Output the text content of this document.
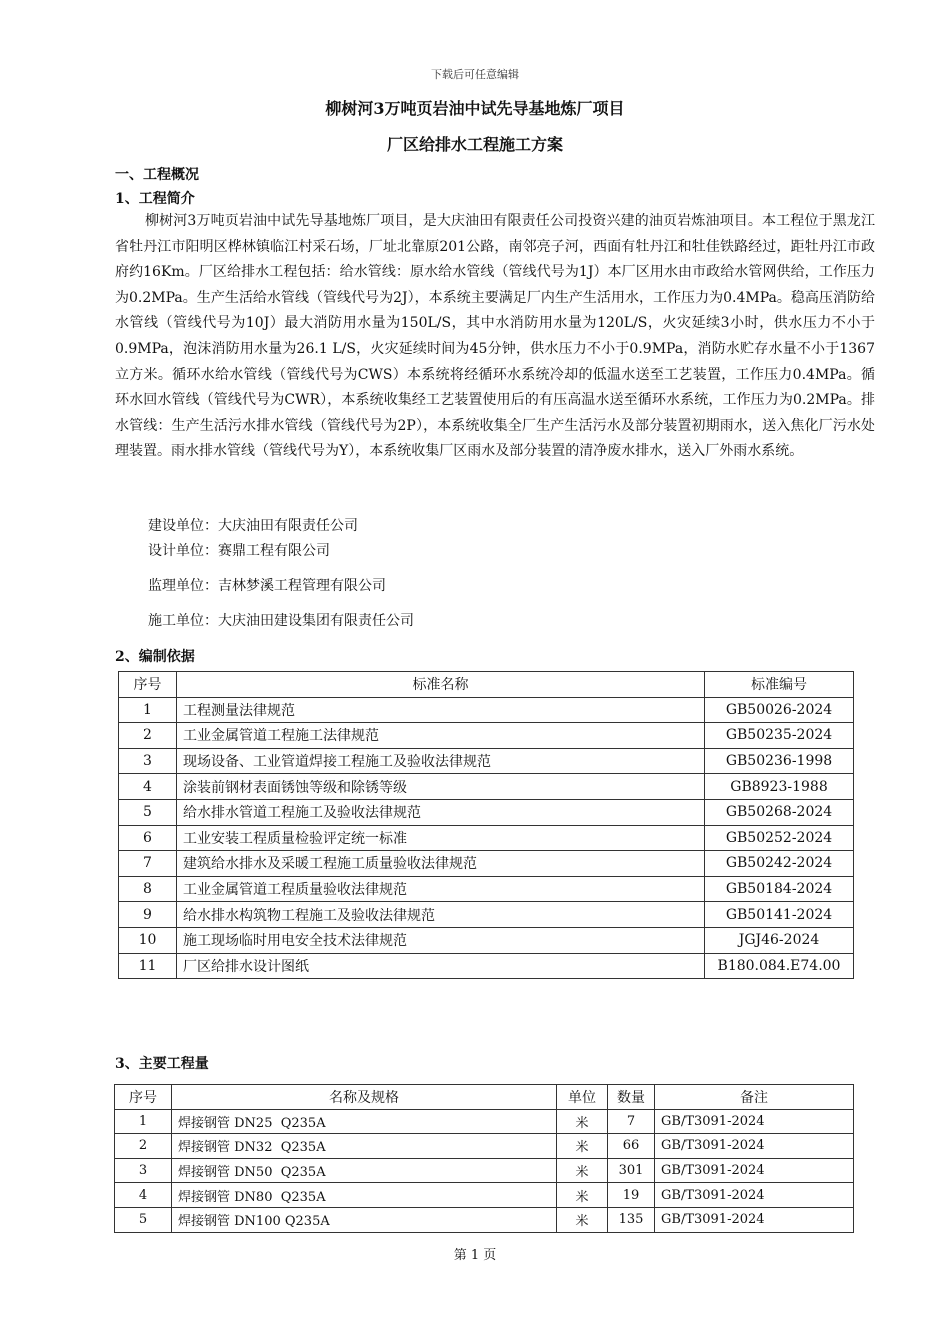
下载后可任意编辑
柳树河3万吨页岩油中试先导基地炼厂项目
厂区给排水工程施工方案
一、工程概况
1、工程简介

柳树河3万吨页岩油中试先导基地炼厂项目，是大庆油田有限责任公司投资兴建的油页岩炼油项目。本工程位于黑龙江省牡丹江市阳明区桦林镇临江村采石场，厂址北靠原201公路，南邻亮子河，西面有牡丹江和牡佳铁路经过，距牡丹江市政府约16Km。厂区给排水工程包括：给水管线：原水给水管线（管线代号为1J）本厂区用水由市政给水管网供给，工作压力为0.2MPa。生产生活给水管线（管线代号为2J），本系统主要满足厂内生产生活用水，工作压力为0.4MPa。稳高压消防给水管线（管线代号为10J）最大消防用水量为150L/S，其中水消防用水量为120L/S，火灾延续3小时，供水压力不小于0.9MPa，泡沫消防用水量为26.1 L/S，火灾延续时间为45分钟，供水压力不小于0.9MPa，消防水贮存水量不小于1367立方米。循环水给水管线（管线代号为CWS）本系统将经循环水系统冷却的低温水送至工艺装置，工作压力0.4MPa。循环水回水管线（管线代号为CWR），本系统收集经工艺装置使用后的有压高温水送至循环水系统，工作压力为0.2MPa。排水管线：生产生活污水排水管线（管线代号为2P），本系统收集全厂生产生活污水及部分装置初期雨水，送入焦化厂污水处理装置。雨水排水管线（管线代号为Y），本系统收集厂区雨水及部分装置的清净废水排水，送入厂外雨水系统。

建设单位：大庆油田有限责任公司
设计单位：赛鼎工程有限公司
监理单位：吉林梦溪工程管理有限公司
施工单位：大庆油田建设集团有限责任公司
2、编制依据
序号	标准名称	标准编号
1	工程测量法律规范	GB50026-2024
2	工业金属管道工程施工法律规范	GB50235-2024
3	现场设备、工业管道焊接工程施工及验收法律规范	GB50236-1998
4	涂装前钢材表面锈蚀等级和除锈等级	GB8923-1988
5	给水排水管道工程施工及验收法律规范	GB50268-2024
6	工业安装工程质量检验评定统一标准	GB50252-2024
7	建筑给水排水及采暖工程施工质量验收法律规范	GB50242-2024
8	工业金属管道工程质量验收法律规范	GB50184-2024
9	给水排水构筑物工程施工及验收法律规范	GB50141-2024
10	施工现场临时用电安全技术法律规范	JGJ46-2024
11	厂区给排水设计图纸	B180.084.E74.00
3、主要工程量
序号	名称及规格	单位	数量	备注
1	焊接钢管 DN25  Q235A	米	7	GB/T3091-2024
2	焊接钢管 DN32  Q235A	米	66	GB/T3091-2024
3	焊接钢管 DN50  Q235A	米	301	GB/T3091-2024
4	焊接钢管 DN80  Q235A	米	19	GB/T3091-2024
5	焊接钢管 DN100 Q235A	米	135	GB/T3091-2024
第 1 页
